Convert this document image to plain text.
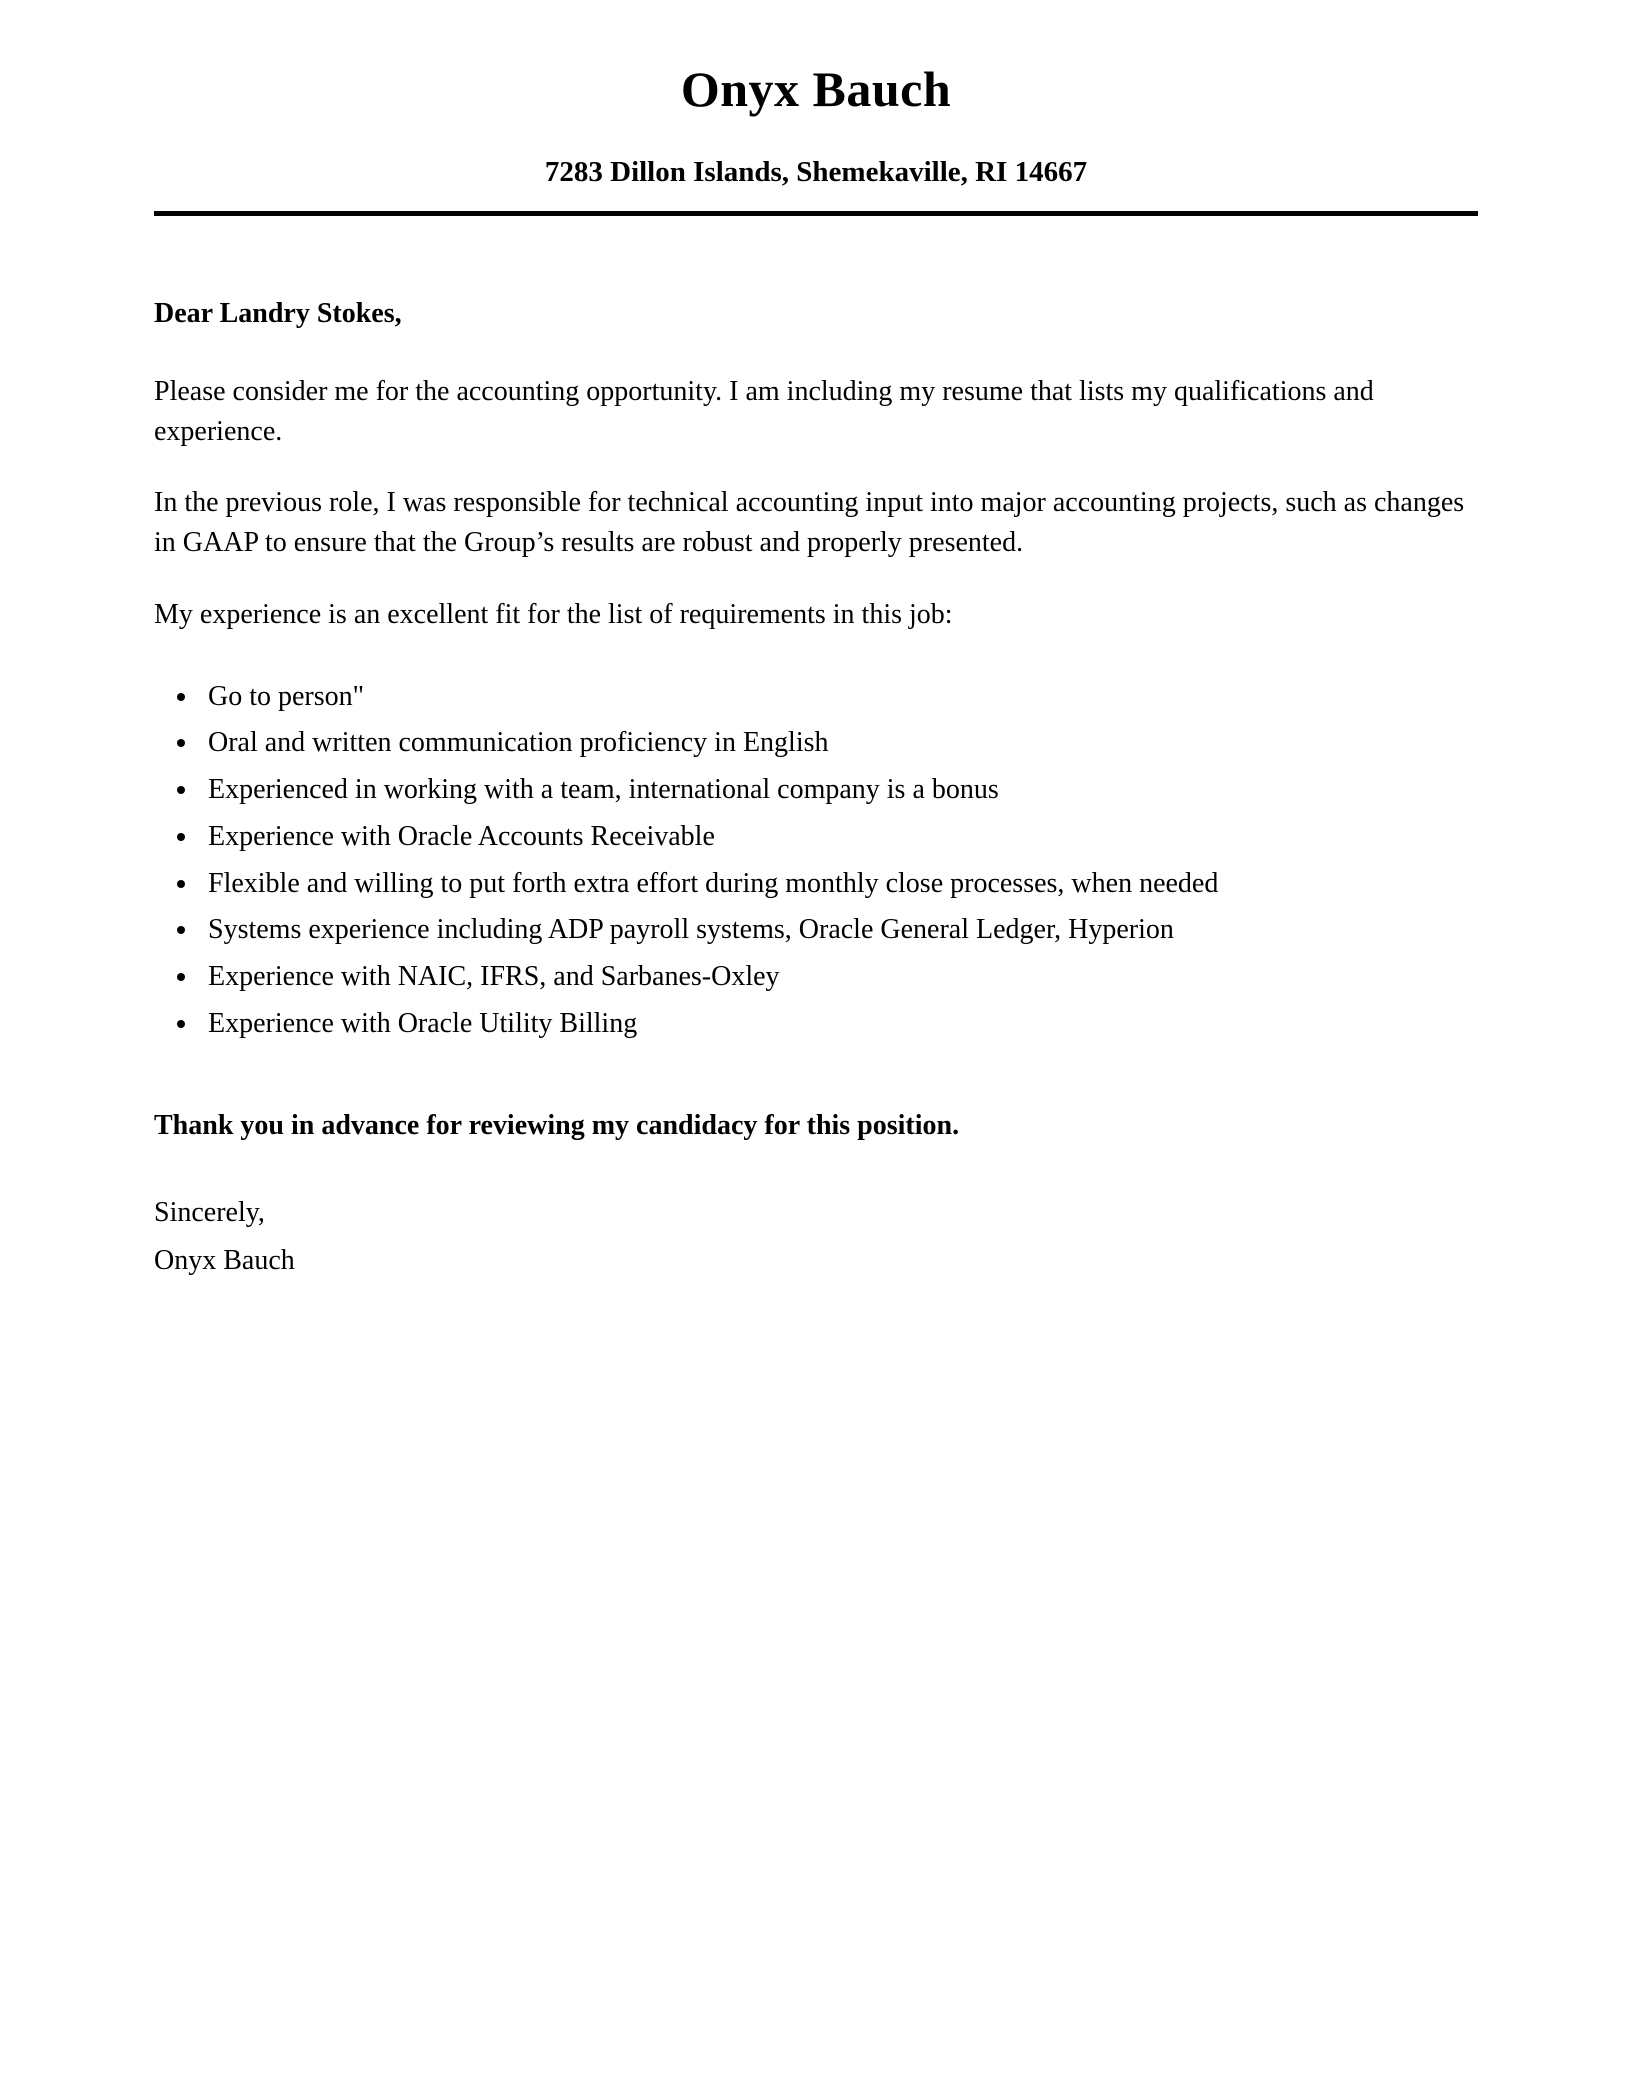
Onyx Bauch
7283 Dillon Islands, Shemekaville, RI 14667
Dear Landry Stokes,

Please consider me for the accounting opportunity. I am including my resume that lists my qualifications and experience.

In the previous role, I was responsible for technical accounting input into major accounting projects, such as changes in GAAP to ensure that the Group’s results are robust and properly presented.

My experience is an excellent fit for the list of requirements in this job:

• Go to person"
• Oral and written communication proficiency in English
• Experienced in working with a team, international company is a bonus
• Experience with Oracle Accounts Receivable
• Flexible and willing to put forth extra effort during monthly close processes, when needed
• Systems experience including ADP payroll systems, Oracle General Ledger, Hyperion
• Experience with NAIC, IFRS, and Sarbanes-Oxley
• Experience with Oracle Utility Billing
Thank you in advance for reviewing my candidacy for this position.
Sincerely,
Onyx Bauch
